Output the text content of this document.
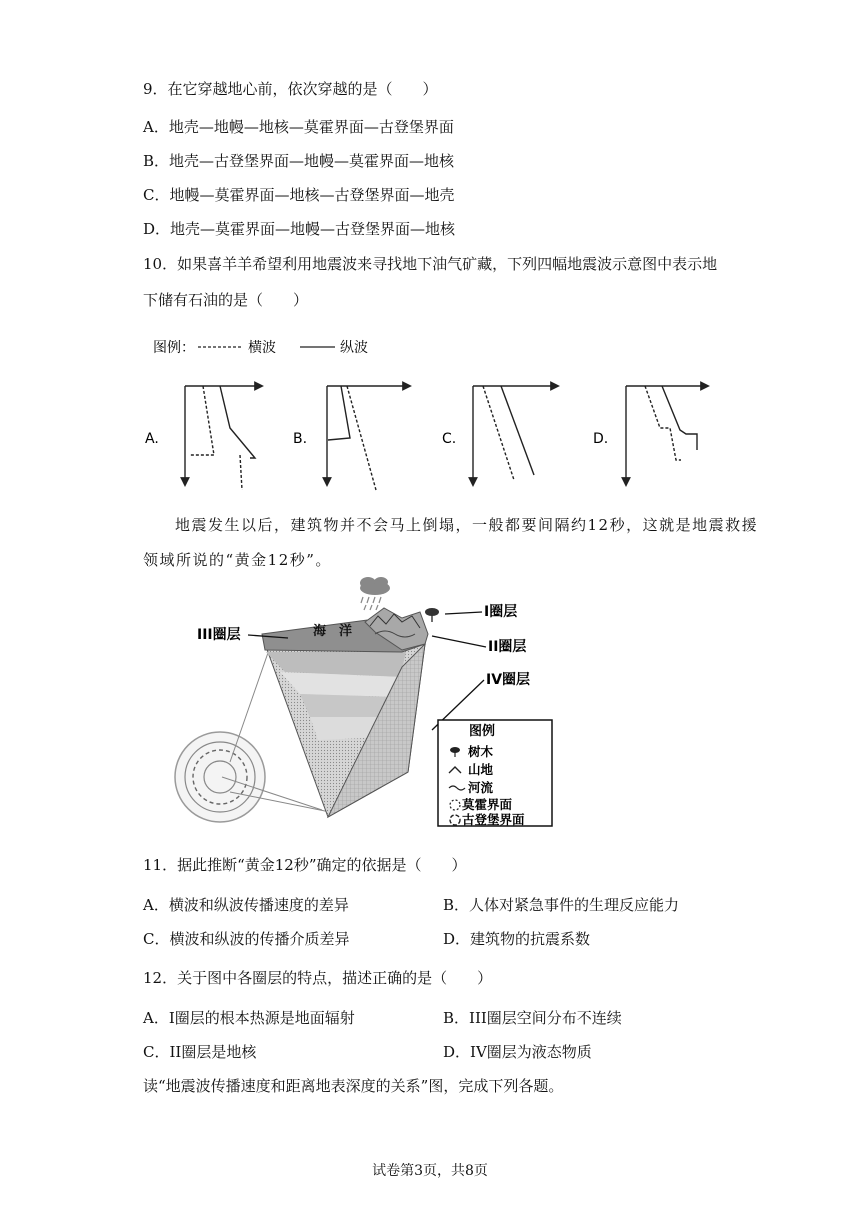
9．在它穿越地心前，依次穿越的是（　　）
A．地壳—地幔—地核—莫霍界面—古登堡界面
B．地壳—古登堡界面—地幔—莫霍界面—地核
C．地幔—莫霍界面—地核—古登堡界面—地壳
D．地壳—莫霍界面—地幔—古登堡界面—地核
10．如果喜羊羊希望利用地震波来寻找地下油气矿藏，下列四幅地震波示意图中表示地
下储有石油的是（　　）
图例：	横波	纵波
A.	B.	C.	D.
地震发生以后，建筑物并不会马上倒塌，一般都要间隔约12秒，这就是地震救援
领域所说的“黄金12秒”。
海　洋
I圈层
II圈层
III圈层
IV圈层
图例
树木
山地
河流
莫霍界面
古登堡界面
11．据此推断“黄金12秒”确定的依据是（　　）
A．横波和纵波传播速度的差异	B．人体对紧急事件的生理反应能力
C．横波和纵波的传播介质差异	D．建筑物的抗震系数
12．关于图中各圈层的特点，描述正确的是（　　）
A．I圈层的根本热源是地面辐射	B．III圈层空间分布不连续
C．II圈层是地核	D．IV圈层为液态物质
读“地震波传播速度和距离地表深度的关系”图，完成下列各题。
试卷第3页，共8页
